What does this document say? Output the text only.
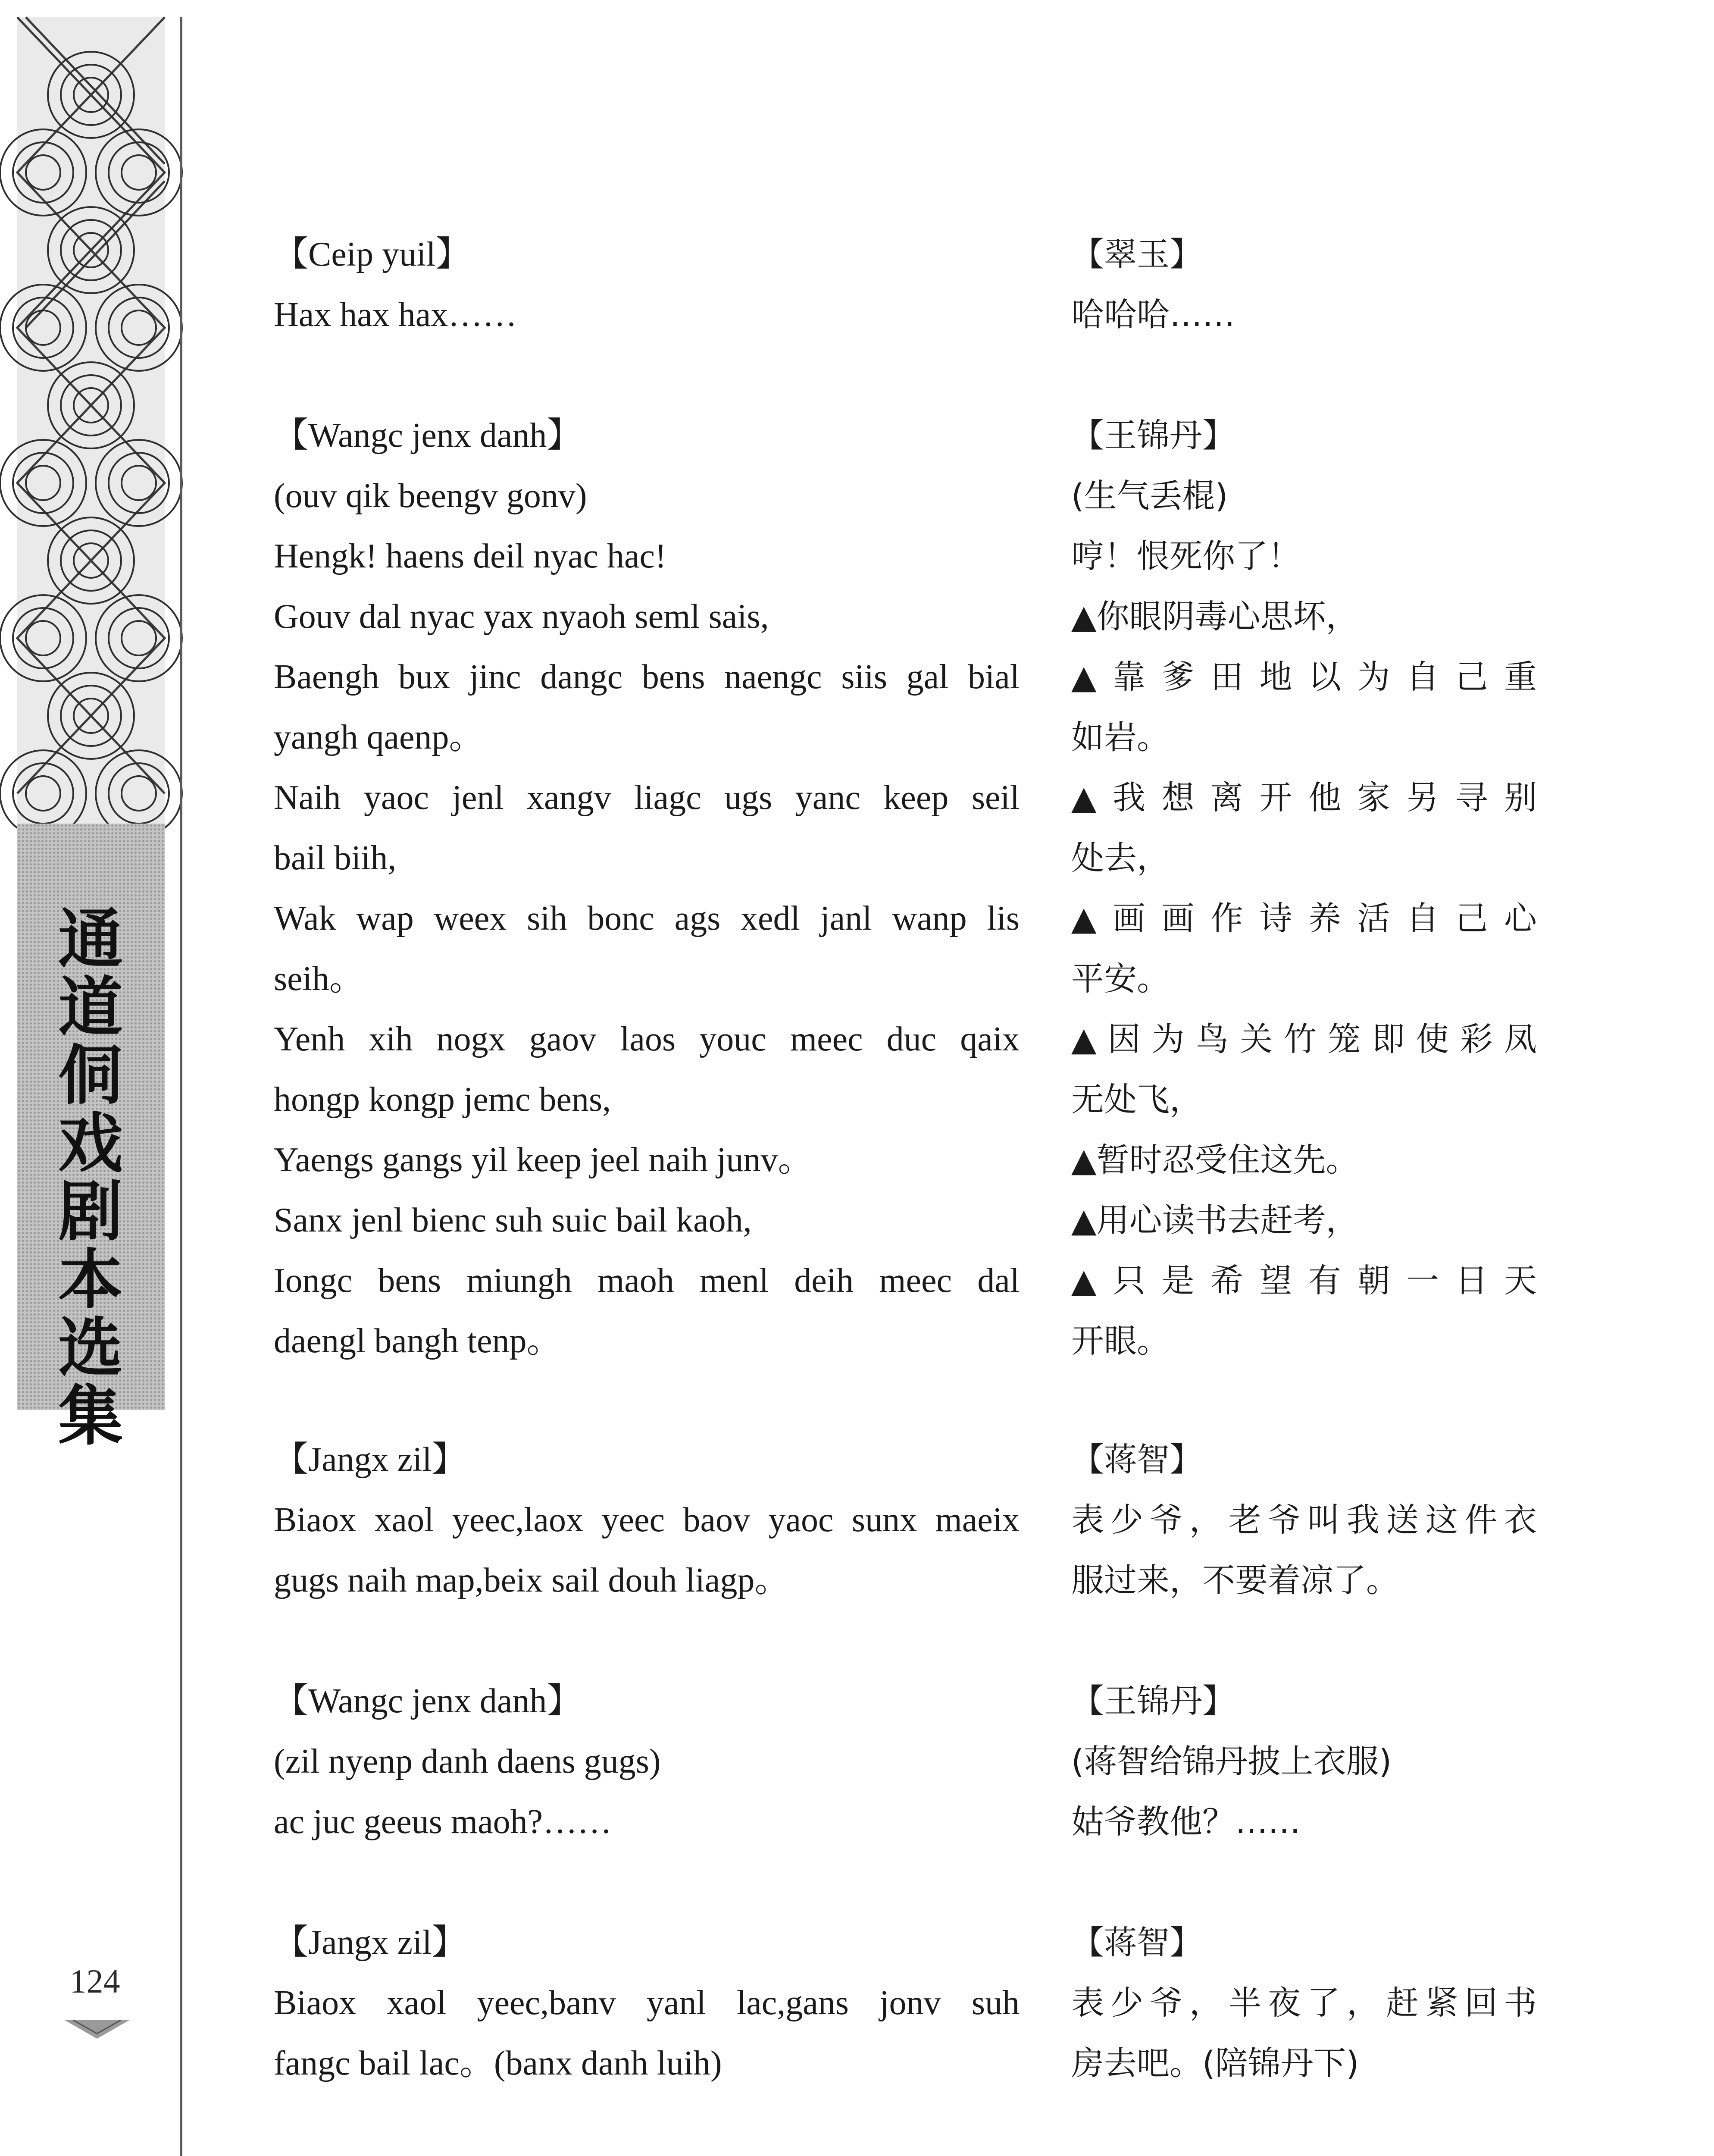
通道侗戏剧本选集
124
【Ceip yuil】
Hax hax hax……
【Wangc jenx danh】
(ouv qik beengv gonv)
Hengk! haens deil nyac hac!
Gouv dal nyac yax nyaoh seml sais,
Baengh bux jinc dangc bens naengc siis gal bial
yangh qaenp。
Naih yaoc jenl xangv liagc ugs yanc keep seil
bail biih,
Wak wap weex sih bonc ags xedl janl wanp lis
seih。
Yenh xih nogx gaov laos youc meec duc qaix
hongp kongp jemc bens,
Yaengs gangs yil keep jeel naih junv。
Sanx jenl bienc suh suic bail kaoh,
Iongc bens miungh maoh menl deih meec dal
daengl bangh tenp。
【Jangx zil】
Biaox xaol yeec,laox yeec baov yaoc sunx maeix
gugs naih map,beix sail douh liagp。
【Wangc jenx danh】
(zil nyenp danh daens gugs)
ac juc geeus maoh?……
【Jangx zil】
Biaox xaol yeec,banv yanl lac,gans jonv suh
fangc bail lac。(banx danh luih)
【翠玉】
哈哈哈……
【王锦丹】
(生气丢棍)
哼！恨死你了！
▲你眼阴毒心思坏，
▲靠爹田地以为自己重
如岩。
▲我想离开他家另寻别
处去，
▲画画作诗养活自己心
平安。
▲因为鸟关竹笼即使彩凤
无处飞，
▲暂时忍受住这先。
▲用心读书去赶考，
▲只是希望有朝一日天
开眼。
【蒋智】
表少爷，老爷叫我送这件衣
服过来，不要着凉了。
【王锦丹】
(蒋智给锦丹披上衣服)
姑爷教他？……
【蒋智】
表少爷，半夜了，赶紧回书
房去吧。(陪锦丹下)
